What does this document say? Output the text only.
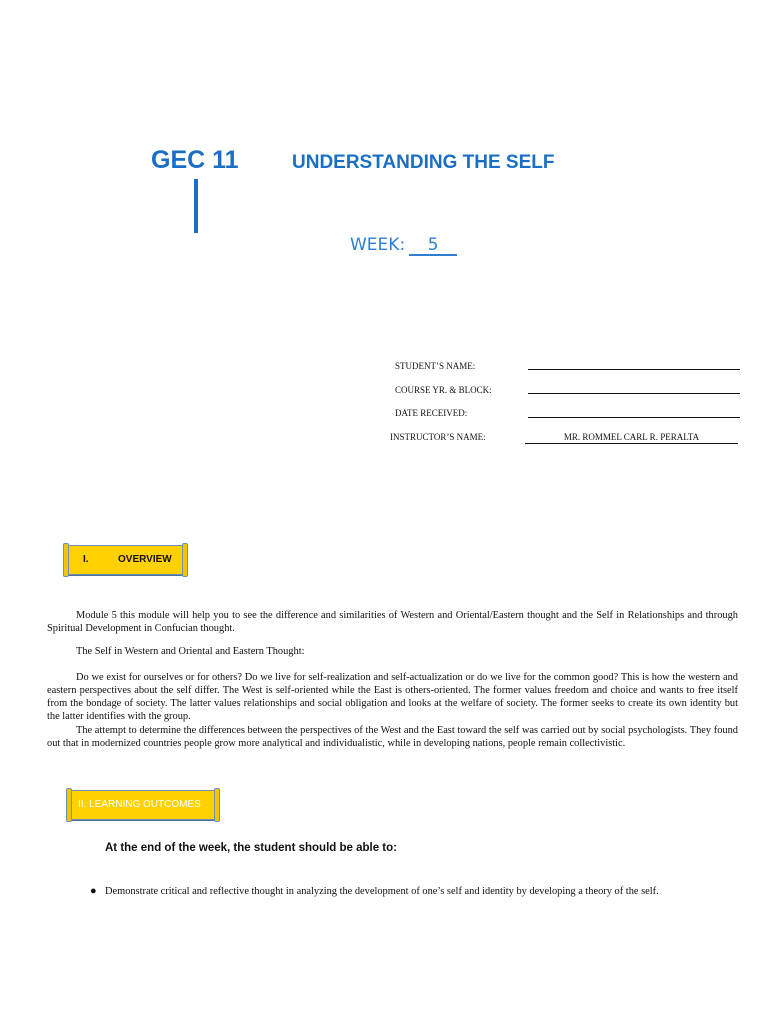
GEC 11	UNDERSTANDING THE SELF
WEEK: 5
STUDENT’S NAME:
COURSE YR. & BLOCK:
DATE RECEIVED:
INSTRUCTOR’S NAME:	MR. ROMMEL CARL R. PERALTA
I.	OVERVIEW
Module 5 this module will help you to see the difference and similarities of Western and Oriental/Eastern thought and the Self in Relationships and through Spiritual Development in Confucian thought.
The Self in Western and Oriental and Eastern Thought:
Do we exist for ourselves or for others? Do we live for self-realization and self-actualization or do we live for the common good? This is how the western and eastern perspectives about the self differ. The West is self-oriented while the East is others-oriented. The former values freedom and choice and wants to free itself from the bondage of society. The latter values relationships and social obligation and looks at the welfare of society. The former seeks to create its own identity but the latter identifies with the group.
The attempt to determine the differences between the perspectives of the West and the East toward the self was carried out by social psychologists. They found out that in modernized countries people grow more analytical and individualistic, while in developing nations, people remain collectivistic.
II. LEARNING OUTCOMES
At the end of the week, the student should be able to:
● Demonstrate critical and reflective thought in analyzing the development of one’s self and identity by developing a theory of the self.
